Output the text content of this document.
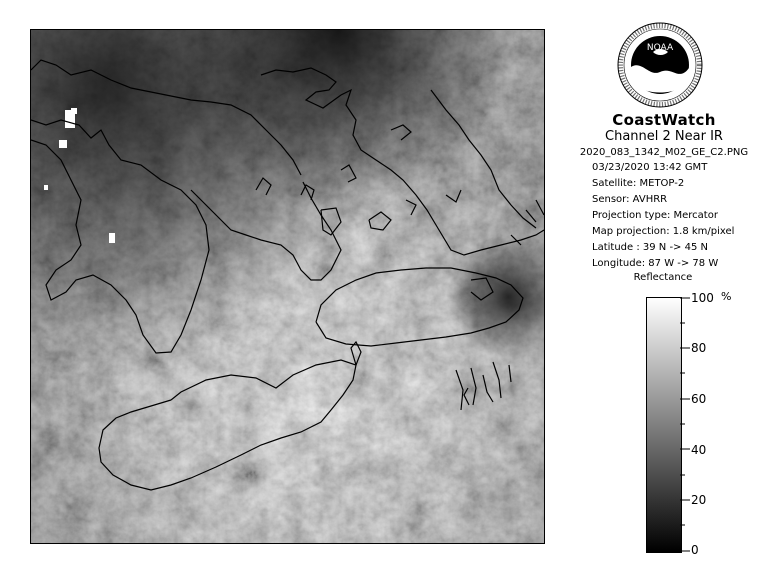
NOAA
CoastWatch
Channel 2 Near IR
2020_083_1342_M02_GE_C2.PNG
03/23/2020 13:42 GMT
Satellite: METOP-2
Sensor: AVHRR
Projection type: Mercator
Map projection: 1.8 km/pixel
Latitude : 39 N -> 45 N
Longitude: 87 W -> 78 W
Reflectance
100
80
60
40
20
0
%
